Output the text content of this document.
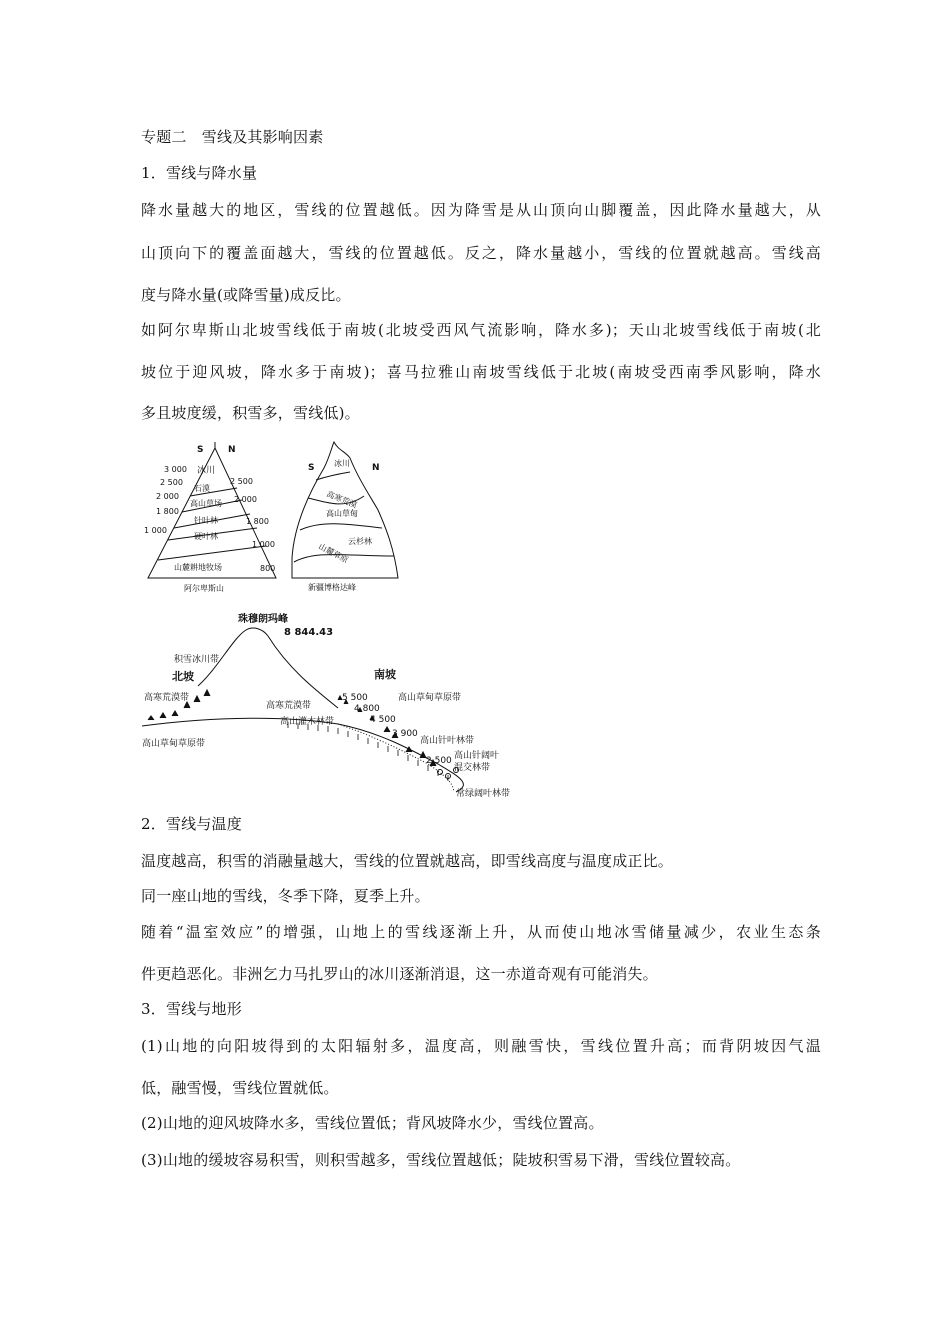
专题二　雪线及其影响因素
1．雪线与降水量
降水量越大的地区，雪线的位置越低。因为降雪是从山顶向山脚覆盖，因此降水量越大，从
山顶向下的覆盖面越大，雪线的位置越低。反之，降水量越小，雪线的位置就越高。雪线高
度与降水量(或降雪量)成反比。
如阿尔卑斯山北坡雪线低于南坡(北坡受西风气流影响，降水多)；天山北坡雪线低于南坡(北
坡位于迎风坡，降水多于南坡)；喜马拉雅山南坡雪线低于北坡(南坡受西南季风影响，降水
多且坡度缓，积雪多，雪线低)。
S	N
冰川
石漠
高山草场
针叶林
硬叶林
山麓耕地牧场
3 000
2 500
2 000
1 800
1 000
2 500
2 000
1 800
1 000
800
阿尔卑斯山
S	N
冰川
高寒荒漠
高山草甸
云杉林
山麓草原
新疆博格达峰
珠穆朗玛峰
8 844.43
积雪冰川带
北坡
高寒荒漠带
高山草甸草原带
南坡
高寒荒漠带
高山灌木林带
高山草甸草原带
高山针叶林带
高山针阔叶
混交林带
常绿阔叶林带
5 500
4 800
4 500
3 900
2 500
2．雪线与温度
温度越高，积雪的消融量越大，雪线的位置就越高，即雪线高度与温度成正比。
同一座山地的雪线，冬季下降，夏季上升。
随着“温室效应”的增强，山地上的雪线逐渐上升，从而使山地冰雪储量减少，农业生态条
件更趋恶化。非洲乞力马扎罗山的冰川逐渐消退，这一赤道奇观有可能消失。
3．雪线与地形
(1)山地的向阳坡得到的太阳辐射多，温度高，则融雪快，雪线位置升高；而背阴坡因气温
低，融雪慢，雪线位置就低。
(2)山地的迎风坡降水多，雪线位置低；背风坡降水少，雪线位置高。
(3)山地的缓坡容易积雪，则积雪越多，雪线位置越低；陡坡积雪易下滑，雪线位置较高。
